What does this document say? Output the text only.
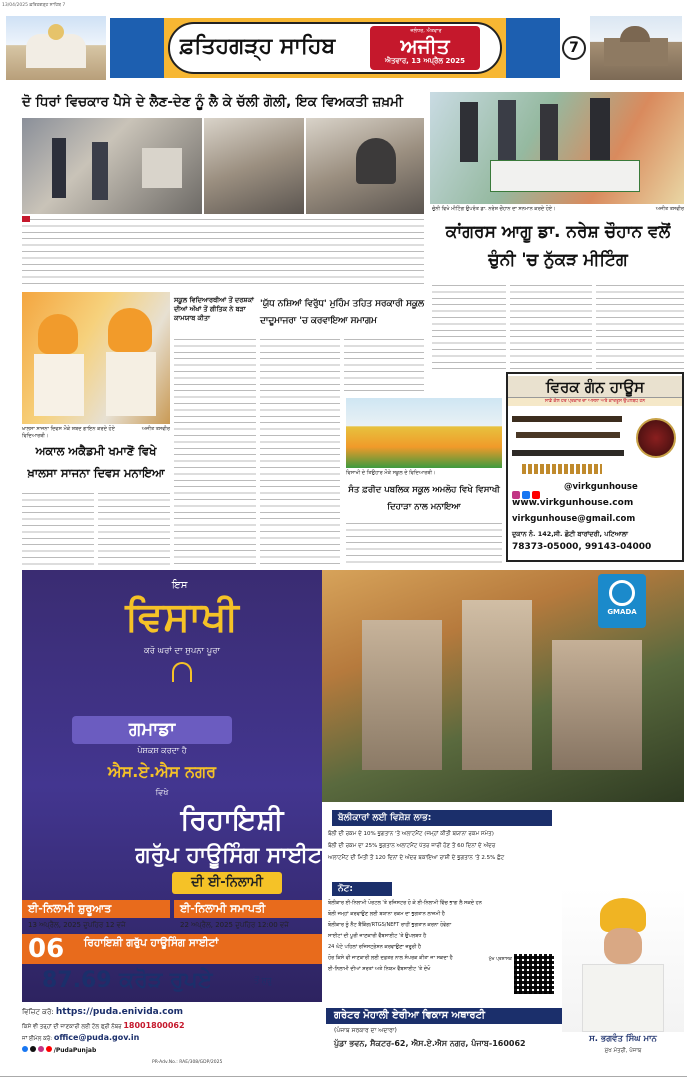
13/04/2025 ਫ਼ਤਿਹਗੜ੍ਹ ਸਾਹਿਬ 7
ਫ਼ਤਿਹਗੜ੍ਹ ਸਾਹਿਬ
ਜਲੰਧਰ, ਐਤਵਾਰ
ਅਜੀਤ
ਐਤਵਾਰ, 13 ਅਪ੍ਰੈਲ 2025
7
ਦੋ ਧਿਰਾਂ ਵਿਚਕਾਰ ਪੈਸੇ ਦੇ ਲੈਣ-ਦੇਣ ਨੂੰ ਲੈ ਕੇ ਚੱਲੀ ਗੋਲੀ, ਇਕ ਵਿਅਕਤੀ ਜ਼ਖ਼ਮੀ
ਚੁੰਨੀ ਵਿਖੇ ਮੀਟਿੰਗ ਉਪਰੰਤ ਡਾ. ਨਰੇਸ਼ ਚੌਹਾਨ ਦਾ ਸਨਮਾਨ ਕਰਦੇ ਹੋਏ।	ਅਜੀਤ ਤਸਵੀਰ
ਕਾਂਗਰਸ ਆਗੂ ਡਾ. ਨਰੇਸ਼ ਚੌਹਾਨ ਵਲੋਂ ਚੁੰਨੀ 'ਚ ਨੁੱਕੜ ਮੀਟਿੰਗ
ਵਿਰਕ ਗੰਨ ਹਾਊਸ
ਸਾਡੇ ਕੋਲ ਹਰ ਪ੍ਰਕਾਰ ਦਾ ਅਸਲਾ ਅਤੇ ਕਾਰਤੂਸ ਉਪਲਬਧ ਹਨ
@virkgunhouse
www.virkgunhouse.com
virkgunhouse@gmail.com
ਦੁਕਾਨ ਨੰ. 142,ਸੀ. ਛੋਟੀ ਬਾਰਾਂਦਰੀ, ਪਟਿਆਲਾ
78373-05000, 99143-04000
ਖ਼ਾਲਸਾ ਸਾਜਨਾ ਦਿਵਸ ਮੌਕੇ ਸ਼ਬਦ ਗਾਇਨ ਕਰਦੇ ਹੋਏ ਵਿਦਿਆਰਥੀ।
ਅਜੀਤ ਤਸਵੀਰ
ਸਕੂਲ ਵਿਦਿਆਰਥੀਆਂ ਤੋਂ ਦਰਸ਼ਕਾਂ ਦੀਆਂ ਅੱਖਾਂ ਤੋਂ ਗੀਤਿਕ ਨੇ ਬੜਾ ਕਾਮਯਾਬ ਕੀਤਾ
ਅਕਾਲ ਅਕੈਡਮੀ ਖਮਾਣੋਂ ਵਿਖੇ ਖ਼ਾਲਸਾ ਸਾਜਨਾ ਦਿਵਸ ਮਨਾਇਆ
'ਯੁੱਧ ਨਸ਼ਿਆਂ ਵਿਰੁੱਧ' ਮੁਹਿੰਮ ਤਹਿਤ ਸਰਕਾਰੀ ਸਕੂਲ ਦਾਦੂਮਾਜਰਾ 'ਚ ਕਰਵਾਇਆ ਸਮਾਗਮ
ਵਿਸਾਖੀ ਦੇ ਤਿਉਹਾਰ ਮੌਕੇ ਸਕੂਲ ਦੇ ਵਿਦਿਆਰਥੀ।
ਸੰਤ ਫ਼ਰੀਦ ਪਬਲਿਕ ਸਕੂਲ ਅਮਲੋਹ ਵਿਖੇ ਵਿਸਾਖੀ ਦਿਹਾੜਾ ਨਾਲ ਮਨਾਇਆ
GMADA
ਇਸ
ਵਿਸਾਖੀ
ਕਰੋ ਘਰਾਂ ਦਾ ਸੁਪਨਾ ਪੂਰਾ
ਗਮਾਡਾ
ਪੇਸ਼ਕਸ਼ ਕਰਦਾ ਹੈ
ਐਸ.ਏ.ਐਸ ਨਗਰ
ਵਿਖੇ
ਰਿਹਾਇਸ਼ੀ
ਗਰੁੱਪ ਹਾਊਸਿੰਗ ਸਾਈਟਾਂ
ਦੀ ਈ-ਨਿਲਾਮੀ
ਬੋਲੀਕਾਰਾਂ ਲਈ ਵਿਸ਼ੇਸ਼ ਲਾਭ:
ਬੋਲੀ ਦੀ ਰਕਮ ਦੇ 10% ਭੁਗਤਾਨ 'ਤੇ ਅਲਾਟਮੈਂਟ (ਜਮ੍ਹਾਂ ਕੀਤੀ ਬਯਾਨਾ ਰਕਮ ਸਮੇਤ)
ਬੋਲੀ ਦੀ ਰਕਮ ਦਾ 25% ਭੁਗਤਾਨ ਅਲਾਟਮੈਂਟ ਪੱਤਰ ਜਾਰੀ ਹੋਣ ਤੋਂ 60 ਦਿਨਾਂ ਦੇ ਅੰਦਰ
ਅਲਾਟਮੈਂਟ ਦੀ ਮਿਤੀ ਤੋਂ 120 ਦਿਨਾਂ ਦੇ ਅੰਦਰ ਬਕਾਇਆ ਰਾਸ਼ੀ ਦੇ ਭੁਗਤਾਨ 'ਤੇ 2.5% ਛੋਟ
ਨੋਟ:
ਬੋਲੀਕਾਰ ਈ-ਨਿਲਾਮੀ ਪੋਰਟਲ 'ਤੇ ਰਜਿਸਟਰ ਹੋ ਕੇ ਈ-ਨਿਲਾਮੀ ਵਿੱਚ ਭਾਗ ਲੈ ਸਕਦੇ ਹਨ
ਬੋਲੀ ਜਮ੍ਹਾਂ ਕਰਵਾਉਣ ਲਈ ਬਯਾਨਾ ਰਕਮ ਦਾ ਭੁਗਤਾਨ ਲਾਜ਼ਮੀ ਹੈ
ਬੋਲੀਕਾਰ ਨੂੰ ਨੈੱਟ ਬੈਂਕਿੰਗ/RTGS/NEFT ਰਾਹੀਂ ਭੁਗਤਾਨ ਕਰਨਾ ਹੋਵੇਗਾ
ਸਾਈਟਾਂ ਦੀ ਪੂਰੀ ਜਾਣਕਾਰੀ ਵੈੱਬਸਾਈਟ 'ਤੇ ਉਪਲਬਧ ਹੈ
24 ਘੰਟੇ ਪਹਿਲਾਂ ਰਜਿਸਟ੍ਰੇਸ਼ਨ ਕਰਵਾਉਣਾ ਜ਼ਰੂਰੀ ਹੈ
ਹੋਰ ਕਿਸੇ ਵੀ ਜਾਣਕਾਰੀ ਲਈ ਦਫ਼ਤਰ ਨਾਲ ਸੰਪਰਕ ਕੀਤਾ ਜਾ ਸਕਦਾ ਹੈ
ਈ-ਨਿਲਾਮੀ ਦੀਆਂ ਸ਼ਰਤਾਂ ਅਤੇ ਨਿਯਮ ਵੈੱਬਸਾਈਟ 'ਤੇ ਦੇਖੋ
ਈ-ਨਿਲਾਮੀ ਸ਼ੁਰੂਆਤ
13 ਅਪ੍ਰੈਲ, 2025 ਦੁਪਹਿਰ 12 ਵਜੇ
ਈ-ਨਿਲਾਮੀ ਸਮਾਪਤੀ
22 ਅਪ੍ਰੈਲ, 2025 ਦੁਪਹਿਰ 12:00 ਵਜੇ
06	ਰਿਹਾਇਸ਼ੀ ਗਰੁੱਪ ਹਾਊਸਿੰਗ ਸਾਈਟਾਂ
87.69 ਕਰੋੜ ਰੁਪਏ	ਤੋਂ ਸ਼ੁਰੂ
ਮੁੱਖ ਪ੍ਰਸ਼ਾਸਕ
ਵਿਜ਼ਿਟ ਕਰੋ: https://puda.enivida.com
ਕਿਸੇ ਵੀ ਤਰ੍ਹਾਂ ਦੀ ਜਾਣਕਾਰੀ ਲਈ ਟੋਲ ਫ੍ਰੀ ਨੰਬਰ 18001800062
ਜਾਂ ਈਮੇਲ ਕਰੋ: office@puda.gov.in
/PudaPunjab
ਗਰੇਟਰ ਮੋਹਾਲੀ ਏਰੀਆ ਵਿਕਾਸ ਅਥਾਰਟੀ
(ਪੰਜਾਬ ਸਰਕਾਰ ਦਾ ਅਦਾਰਾ)
ਪੁੱਡਾ ਭਵਨ, ਸੈਕਟਰ-62, ਐਸ.ਏ.ਐਸ ਨਗਰ, ਪੰਜਾਬ-160062	ਸ. ਭਗਵੰਤ ਸਿੰਘ ਮਾਨ
ਮੁੱਖ ਮੰਤਰੀ, ਪੰਜਾਬ
PR-Adv.No.: RAE/308/GDP/2025
